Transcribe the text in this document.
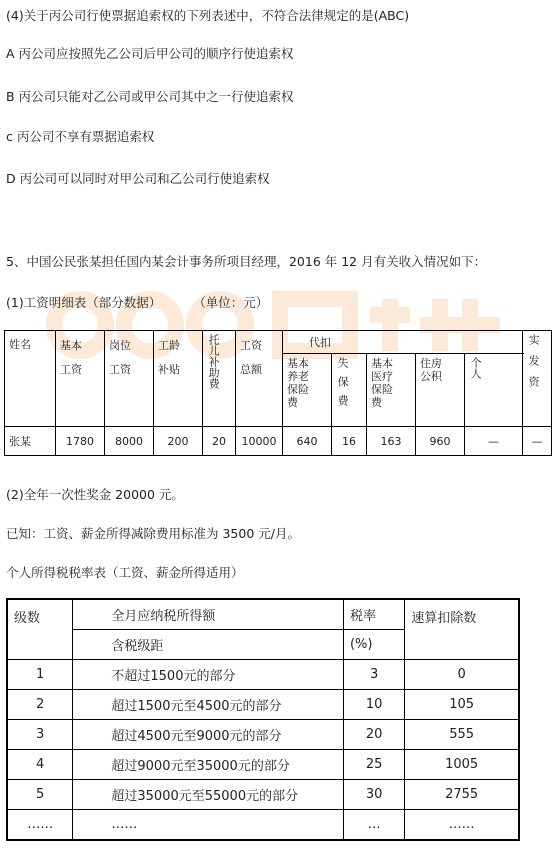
(4)关于丙公司行使票据追索权的下列表述中，不符合法律规定的是(ABC)
A 丙公司应按照先乙公司后甲公司的顺序行使追索权
B 丙公司只能对乙公司或甲公司其中之一行使追索权
c 丙公司不享有票据追索权
D 丙公司可以同时对甲公司和乙公司行使追索权
5、中国公民张某担任国内某会计事务所项目经理，2016 年 12 月有关收入情况如下：
(1)工资明细表（部分数据）	（单位：元）
姓名	基本工资	岗位工资	工龄补贴	托儿补助费	工资总额	代扣					实发资

						基本养老保险费	失保费	基本医疗保险费	住房公积	个人	

张某	1780	8000	200	20	10000	640	16	163	960	—	—
(2)全年一次性奖金 20000 元。
已知：工资、薪金所得减除费用标准为 3500 元/月。
个人所得税税率表（工资、薪金所得适用）
级数	全月应纳税所得额	税率	速算扣除数
	含税级距	(%)	
1	不超过1500元的部分	3	0
2	超过1500元至4500元的部分	10	105
3	超过4500元至9000元的部分	20	555
4	超过9000元至35000元的部分	25	1005
5	超过35000元至55000元的部分	30	2755
……	……	…	……
